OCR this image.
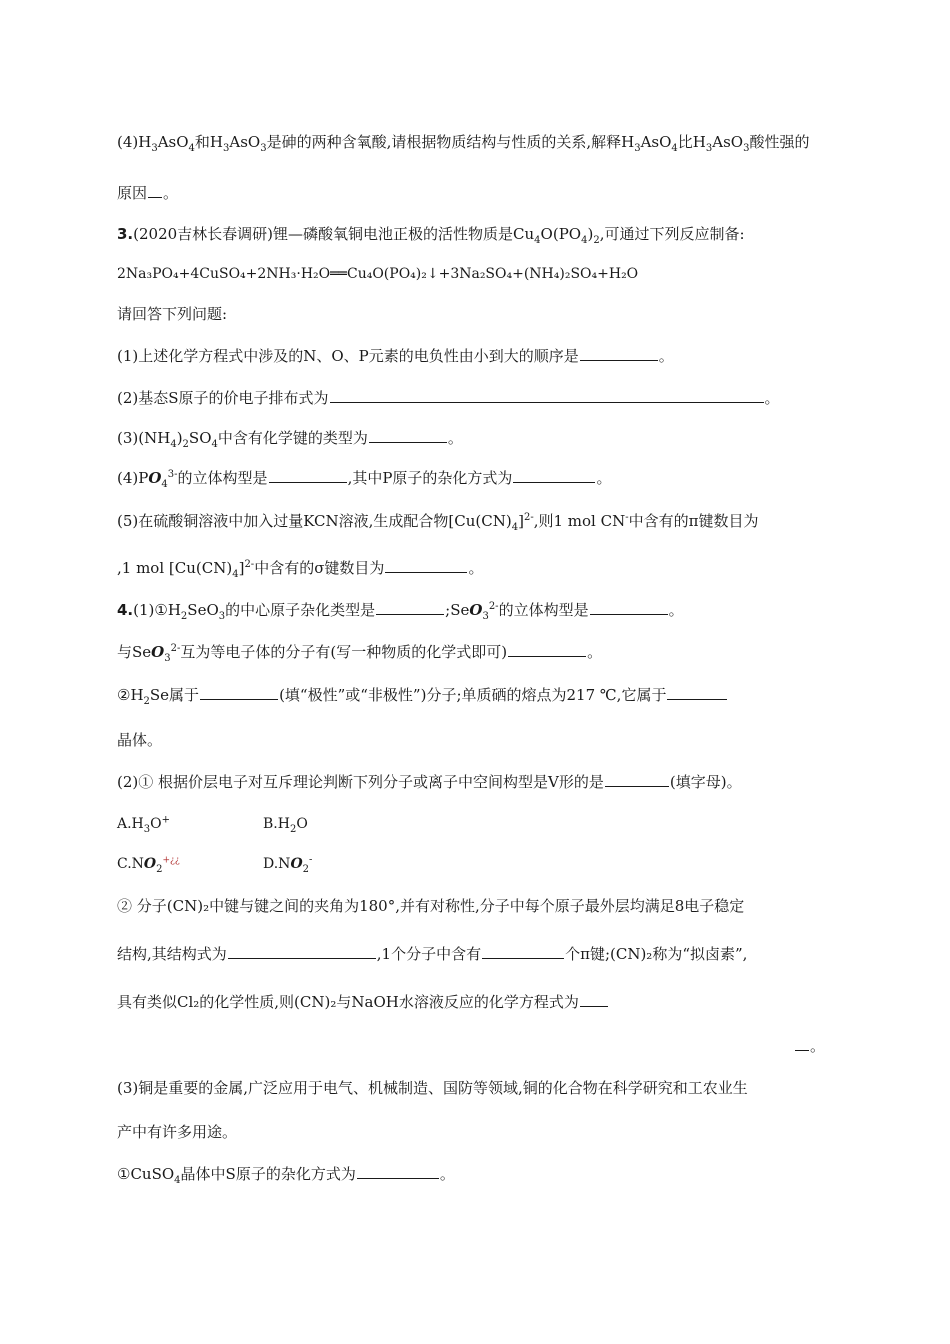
$(4)H_3AsO_4$和$H_3AsO_3$是砷的两种含氧酸,请根据物质结构与性质的关系,解释$H_3AsO_4$比$H_3AsO_3$酸性强的
原因 。
3.(2020吉林长春调研)锂—磷酸氧铜电池正极的活性物质是$Cu_4O(PO_4)_2$,可通过下列反应制备:
2Na₃PO₄+4CuSO₄+2NH₃·H₂O══Cu₄O(PO₄)₂↓+3Na₂SO₄+(NH₄)₂SO₄+H₂O
请回答下列问题:
(1)上述化学方程式中涉及的N、O、P元素的电负性由小到大的顺序是	。
(2)基态S原子的价电子排布式为	。
$(3)(NH_4)_2SO_4$中含有化学键的类型为	。
$(4)PO_4^{3-}$的立体构型是	,其中P原子的杂化方式为	。
(5)在硫酸铜溶液中加入过量KCN溶液,生成配合物$[Cu(CN)_4]^{2-}$,则1 mol CN-中含有的π键数目为
,1 mol $[Cu(CN)_4]^{2-}$中含有的σ键数目为	。
$4.(1)①H_2SeO_3$的中心原子杂化类型是	;SeO$_3^{2-}$的立体构型是	。
与SeO$_3^{2-}$互为等电子体的分子有(写一种物质的化学式即可)	。
$②H_2Se$属于	(填“极性”或“非极性”)分子;单质硒的熔点为217 ℃,它属于
晶体。
(2)① 根据价层电子对互斥理论判断下列分子或离子中空间构型是V形的是	(填字母)。
$A.H_3O^+$	$B.H_2O$
$C.NO_2^{+¿¿}$	$D.NO_2^-$
② 分子(CN)₂中键与键之间的夹角为180°,并有对称性,分子中每个原子最外层均满足8电子稳定
结构,其结构式为	,1个分子中含有	个π键;(CN)₂称为“拟卤素”,
具有类似Cl₂的化学性质,则(CN)₂与NaOH水溶液反应的化学方程式为
。
(3)铜是重要的金属,广泛应用于电气、机械制造、国防等领域,铜的化合物在科学研究和工农业生
产中有许多用途。
①CuSO$_4$晶体中S原子的杂化方式为	。
